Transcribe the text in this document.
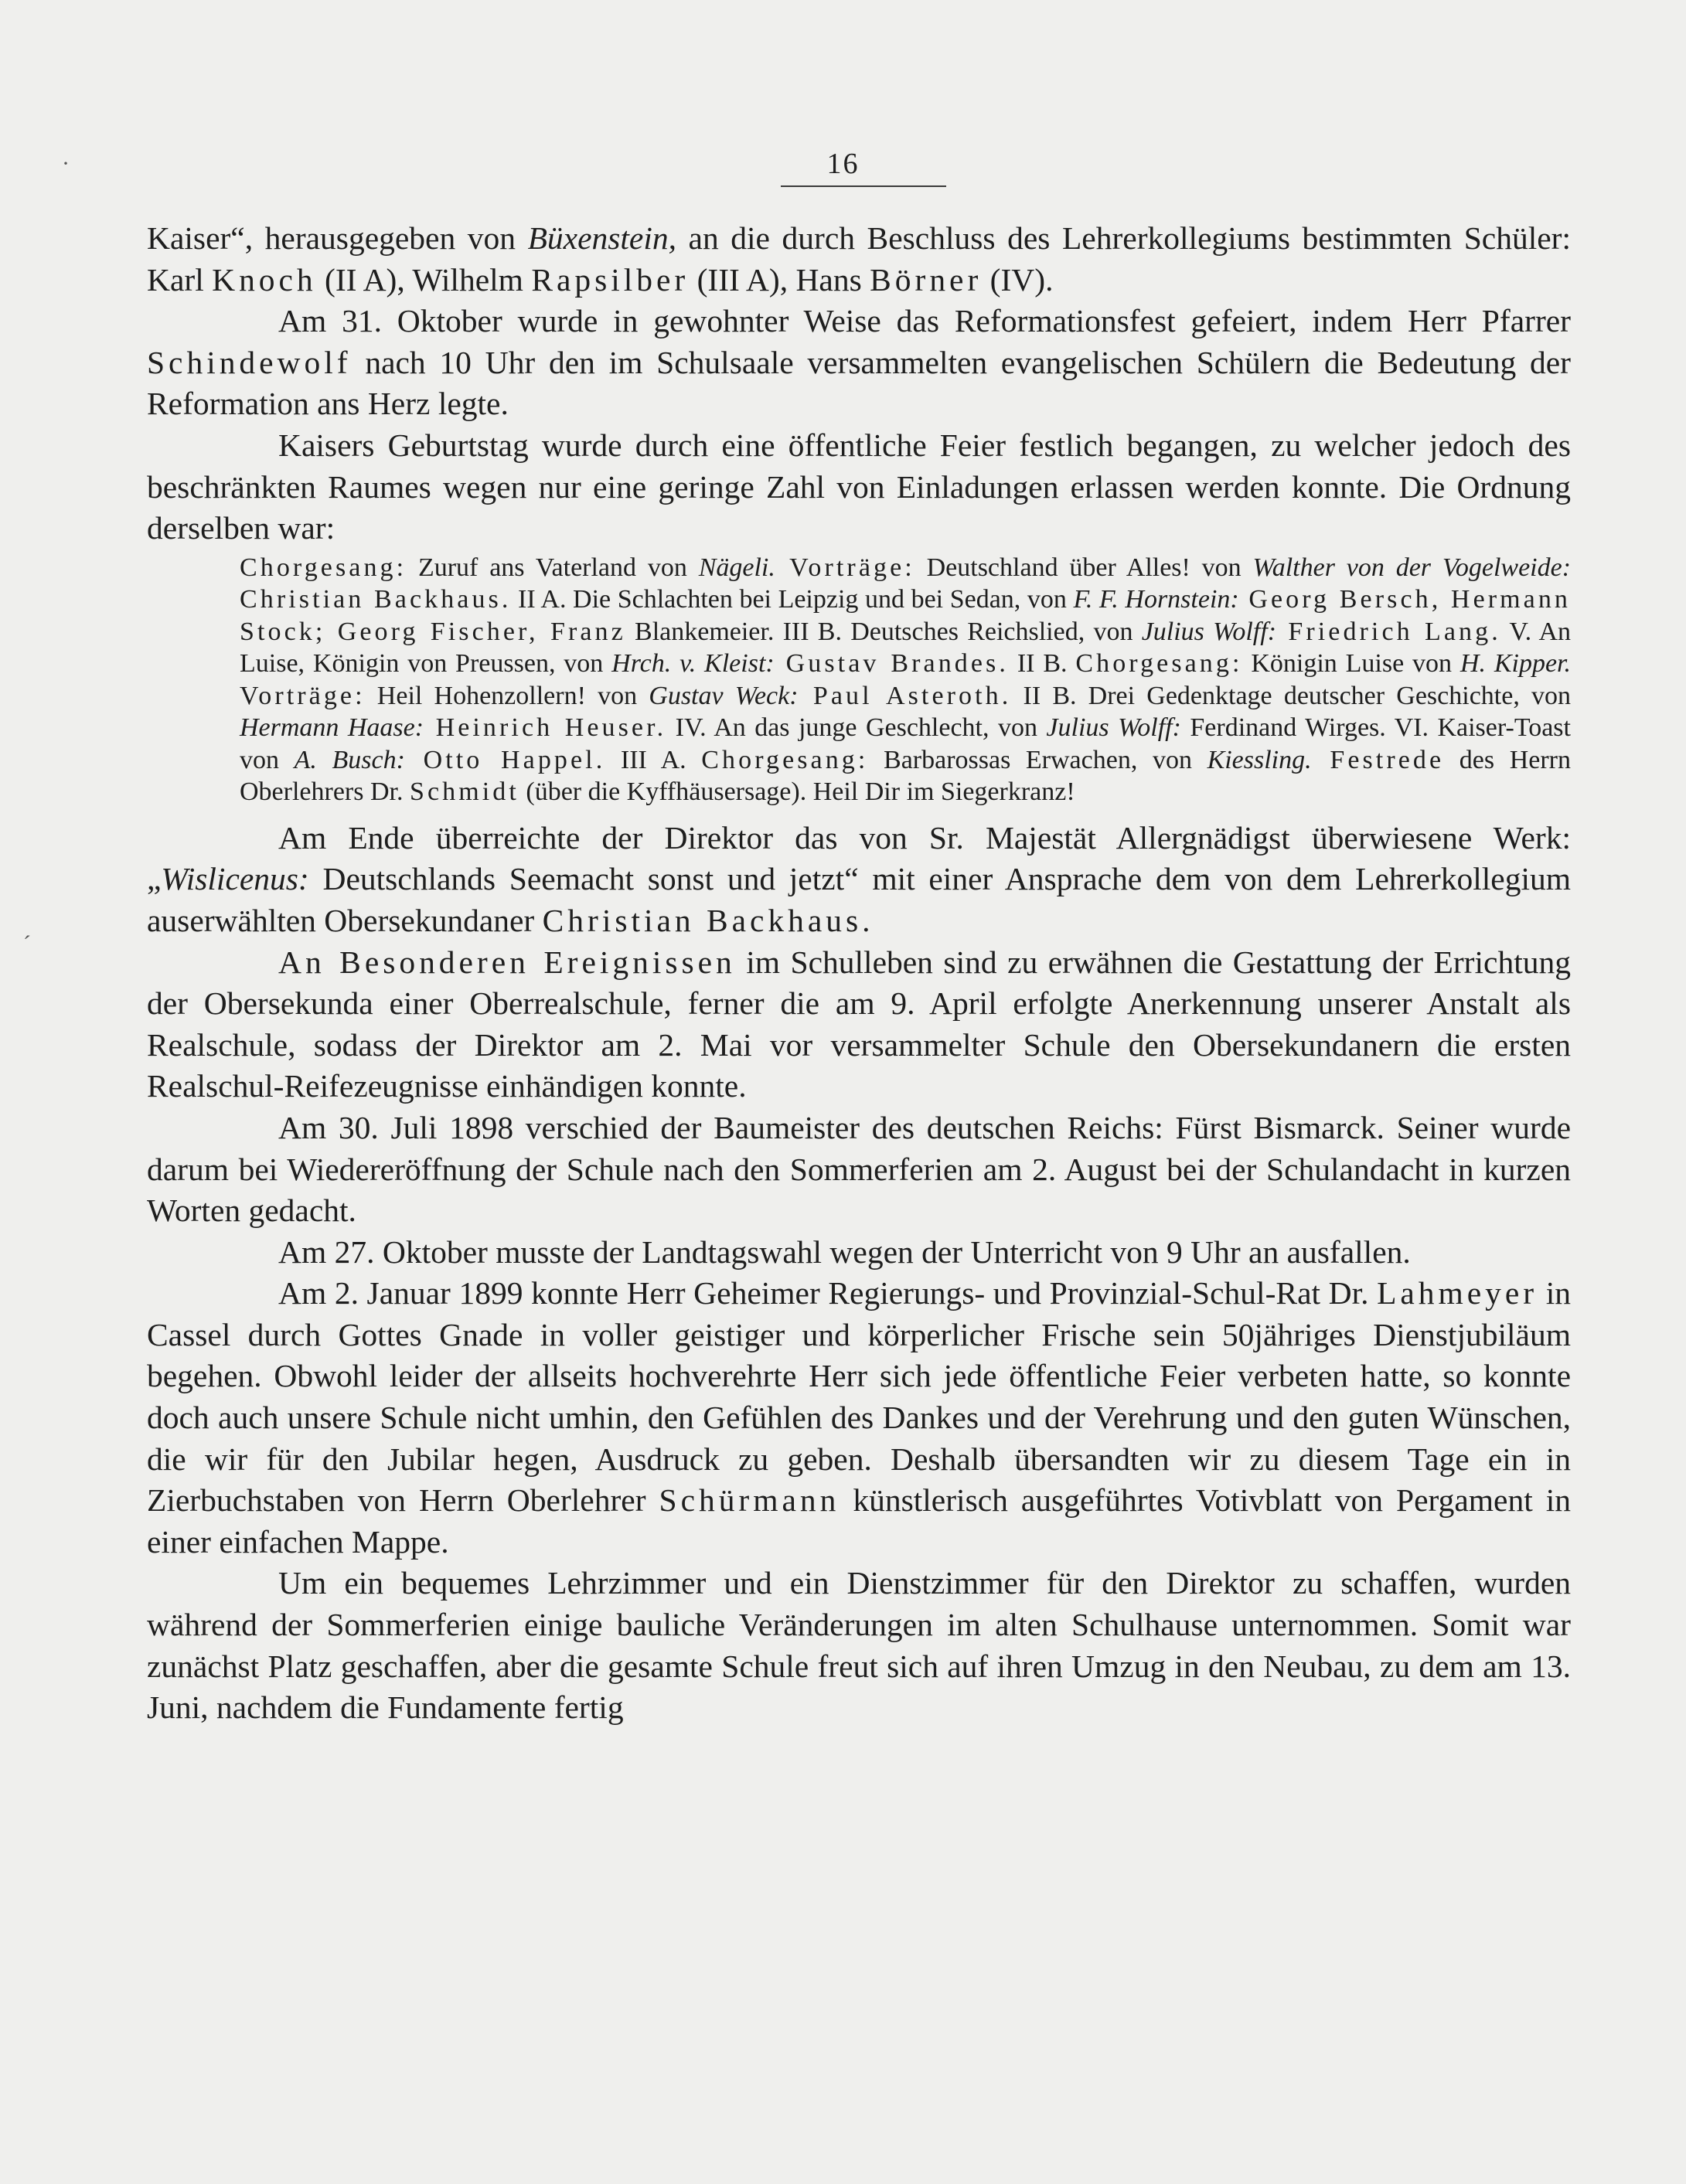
16

Kaiser“, herausgegeben von Büxenstein, an die durch Beschluss des Lehrerkollegiums bestimmten Schüler: Karl Knoch (II A), Wilhelm Rapsilber (III A), Hans Börner (IV).

Am 31. Oktober wurde in gewohnter Weise das Reformationsfest gefeiert, indem Herr Pfarrer Schindewolf nach 10 Uhr den im Schulsaale versammelten evangelischen Schülern die Bedeutung der Reformation ans Herz legte.

Kaisers Geburtstag wurde durch eine öffentliche Feier festlich begangen, zu welcher jedoch des beschränkten Raumes wegen nur eine geringe Zahl von Einladungen erlassen werden konnte. Die Ordnung derselben war:

Chorgesang: Zuruf ans Vaterland von Nägeli. Vorträge: Deutschland über Alles! von Walther von der Vogelweide: Christian Backhaus. II A. Die Schlachten bei Leipzig und bei Sedan, von F. F. Hornstein: Georg Bersch, Hermann Stock; Georg Fischer, Franz Blankemeier. III B. Deutsches Reichslied, von Julius Wolff: Friedrich Lang. V. An Luise, Königin von Preussen, von Hrch. v. Kleist: Gustav Brandes. II B. Chorgesang: Königin Luise von H. Kipper. Vorträge: Heil Hohenzollern! von Gustav Weck: Paul Asteroth. II B. Drei Gedenktage deutscher Geschichte, von Hermann Haase: Heinrich Heuser. IV. An das junge Geschlecht, von Julius Wolff: Ferdinand Wirges. VI. Kaiser-Toast von A. Busch: Otto Happel. III A. Chorgesang: Barbarossas Erwachen, von Kiessling. Festrede des Herrn Oberlehrers Dr. Schmidt (über die Kyffhäusersage). Heil Dir im Siegerkranz!

Am Ende überreichte der Direktor das von Sr. Majestät Allergnädigst überwiesene Werk: „Wislicenus: Deutschlands Seemacht sonst und jetzt“ mit einer Ansprache dem von dem Lehrerkollegium auserwählten Obersekundaner Christian Backhaus.

An Besonderen Ereignissen im Schulleben sind zu erwähnen die Gestattung der Errichtung der Obersekunda einer Oberrealschule, ferner die am 9. April erfolgte Anerkennung unserer Anstalt als Realschule, sodass der Direktor am 2. Mai vor versammelter Schule den Obersekundanern die ersten Realschul-Reifezeugnisse einhändigen konnte.

Am 30. Juli 1898 verschied der Baumeister des deutschen Reichs: Fürst Bismarck. Seiner wurde darum bei Wiedereröffnung der Schule nach den Sommerferien am 2. August bei der Schulandacht in kurzen Worten gedacht.

Am 27. Oktober musste der Landtagswahl wegen der Unterricht von 9 Uhr an ausfallen.

Am 2. Januar 1899 konnte Herr Geheimer Regierungs- und Provinzial-Schul-Rat Dr. Lahmeyer in Cassel durch Gottes Gnade in voller geistiger und körperlicher Frische sein 50jähriges Dienstjubiläum begehen. Obwohl leider der allseits hochverehrte Herr sich jede öffentliche Feier verbeten hatte, so konnte doch auch unsere Schule nicht umhin, den Gefühlen des Dankes und der Verehrung und den guten Wünschen, die wir für den Jubilar hegen, Ausdruck zu geben. Deshalb übersandten wir zu diesem Tage ein in Zierbuchstaben von Herrn Oberlehrer Schürmann künstlerisch ausgeführtes Votivblatt von Pergament in einer einfachen Mappe.

Um ein bequemes Lehrzimmer und ein Dienstzimmer für den Direktor zu schaffen, wurden während der Sommerferien einige bauliche Veränderungen im alten Schulhause unternommen. Somit war zunächst Platz geschaffen, aber die gesamte Schule freut sich auf ihren Umzug in den Neubau, zu dem am 13. Juni, nachdem die Fundamente fertig

ˊ
·
